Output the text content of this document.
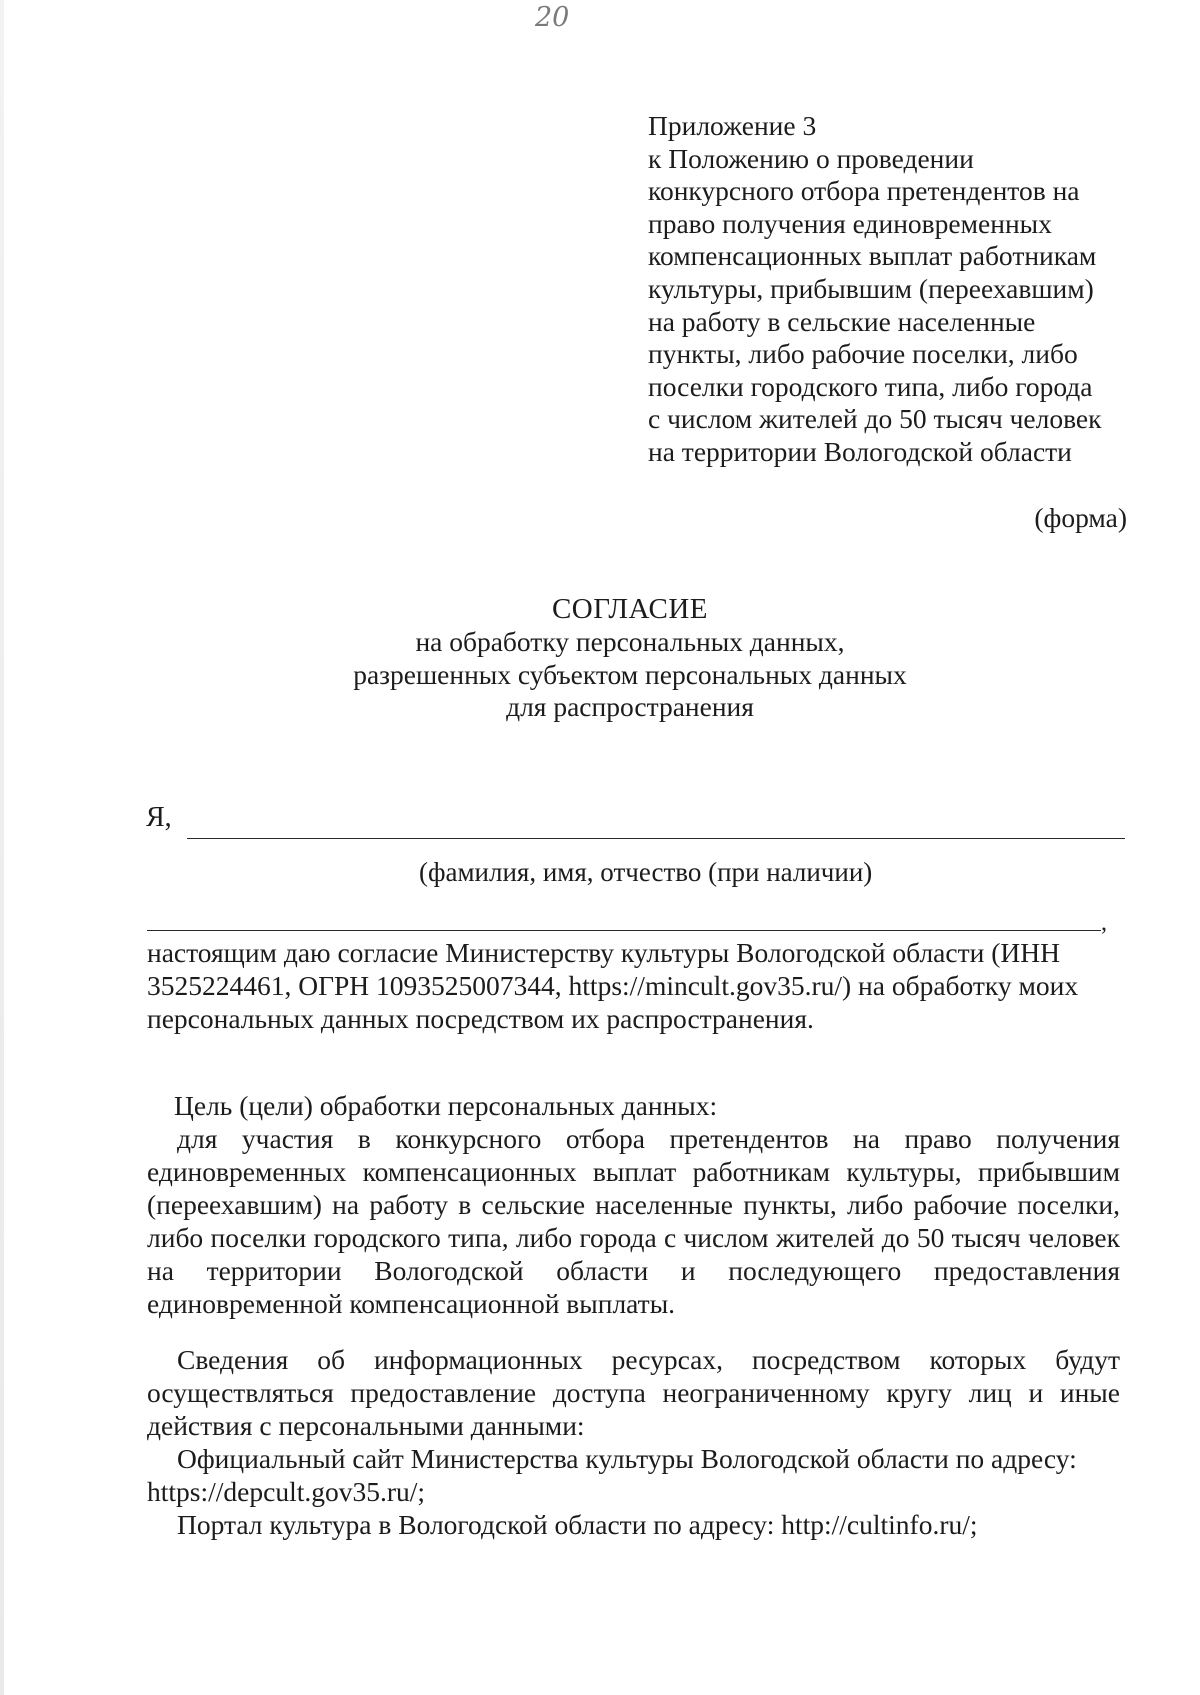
20
Приложение 3
к Положению о проведении
конкурсного отбора претендентов на
право получения единовременных
компенсационных выплат работникам
культуры, прибывшим (переехавшим)
на работу в сельские населенные
пункты, либо рабочие поселки, либо
поселки городского типа, либо города
с числом жителей до 50 тысяч человек
на территории Вологодской области
(форма)
СОГЛАСИЕ
на обработку персональных данных,
разрешенных субъектом персональных данных
для распространения
Я,
(фамилия, имя, отчество (при наличии)
,
настоящим даю согласие Министерству культуры Вологодской области (ИНН 3525224461, ОГРН 1093525007344, https://mincult.gov35.ru/) на обработку моих персональных данных посредством их распространения.
Цель (цели) обработки персональных данных:
для участия в конкурсного отбора претендентов на право получения единовременных компенсационных выплат работникам культуры, прибывшим (переехавшим) на работу в сельские населенные пункты, либо рабочие поселки, либо поселки городского типа, либо города с числом жителей до 50 тысяч человек на территории Вологодской области и последующего предоставления единовременной компенсационной выплаты.
Сведения об информационных ресурсах, посредством которых будут осуществляться предоставление доступа неограниченному кругу лиц и иные действия с персональными данными:
Официальный сайт Министерства культуры Вологодской области по адресу: https://depcult.gov35.ru/;
Портал культура в Вологодской области по адресу: http://cultinfo.ru/;
